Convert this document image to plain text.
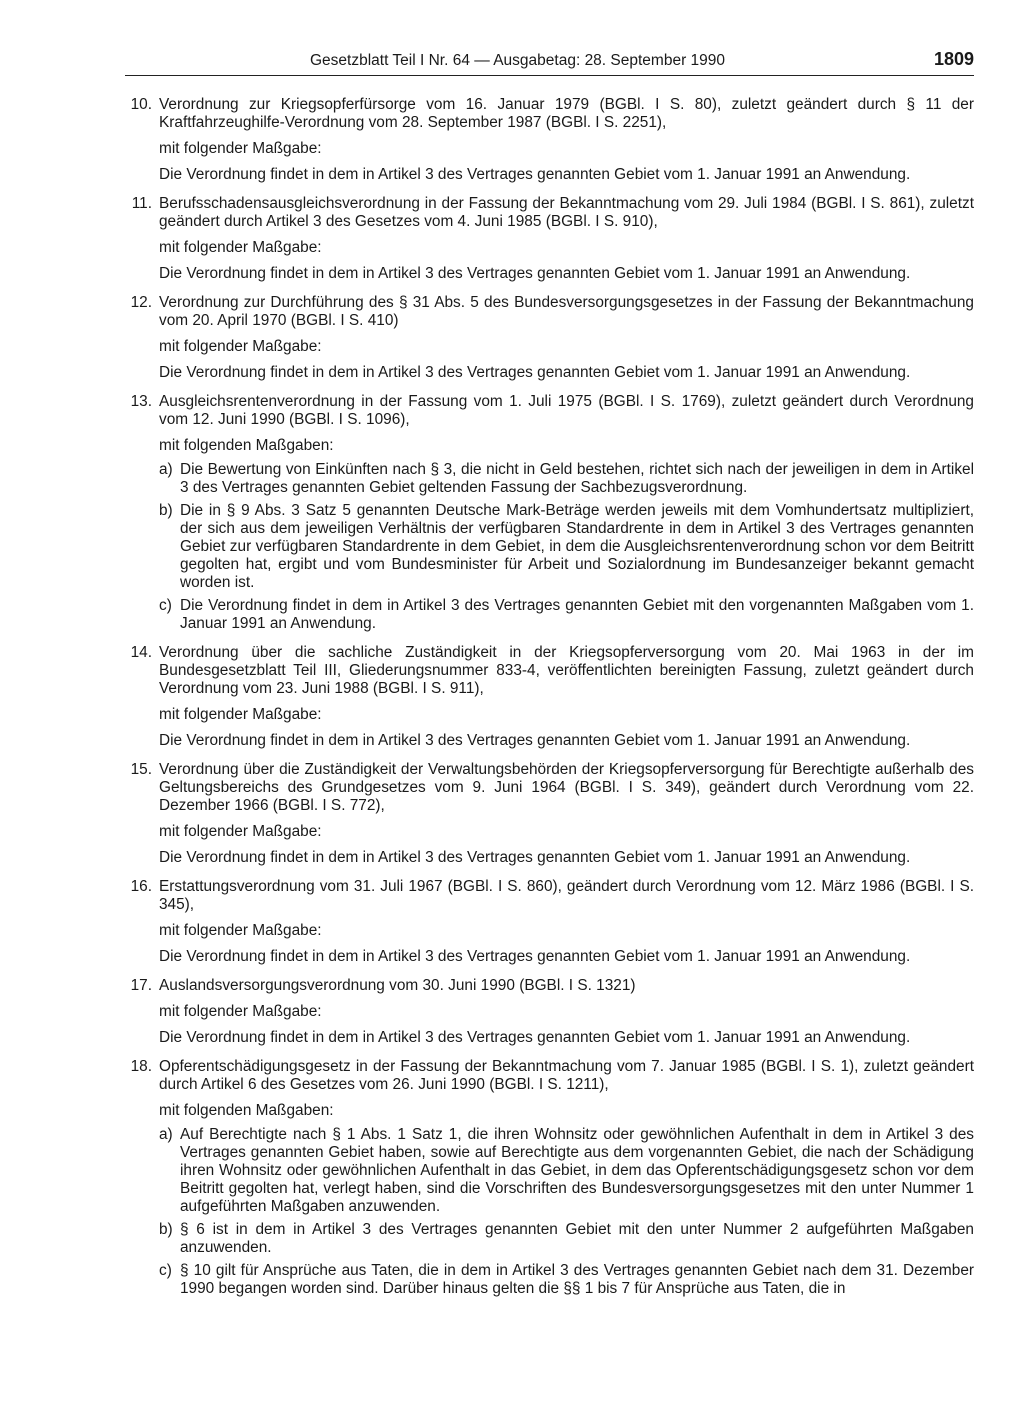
Gesetzblatt Teil I Nr. 64 — Ausgabetag: 28. September 1990	1809
10. Verordnung zur Kriegsopferfürsorge vom 16. Januar 1979 (BGBl. I S. 80), zuletzt geändert durch § 11 der Kraftfahrzeughilfe-Verordnung vom 28. September 1987 (BGBl. I S. 2251),
mit folgender Maßgabe:
Die Verordnung findet in dem in Artikel 3 des Vertrages genannten Gebiet vom 1. Januar 1991 an Anwendung.
11. Berufsschadensausgleichsverordnung in der Fassung der Bekanntmachung vom 29. Juli 1984 (BGBl. I S. 861), zuletzt geändert durch Artikel 3 des Gesetzes vom 4. Juni 1985 (BGBl. I S. 910),
mit folgender Maßgabe:
Die Verordnung findet in dem in Artikel 3 des Vertrages genannten Gebiet vom 1. Januar 1991 an Anwendung.
12. Verordnung zur Durchführung des § 31 Abs. 5 des Bundesversorgungsgesetzes in der Fassung der Bekanntmachung vom 20. April 1970 (BGBl. I S. 410)
mit folgender Maßgabe:
Die Verordnung findet in dem in Artikel 3 des Vertrages genannten Gebiet vom 1. Januar 1991 an Anwendung.
13. Ausgleichsrentenverordnung in der Fassung vom 1. Juli 1975 (BGBl. I S. 1769), zuletzt geändert durch Verordnung vom 12. Juni 1990 (BGBl. I S. 1096),
mit folgenden Maßgaben:
a) Die Bewertung von Einkünften nach § 3, die nicht in Geld bestehen, richtet sich nach der jeweiligen in dem in Artikel 3 des Vertrages genannten Gebiet geltenden Fassung der Sachbezugsverordnung.
b) Die in § 9 Abs. 3 Satz 5 genannten Deutsche Mark-Beträge werden jeweils mit dem Vomhundertsatz multipliziert, der sich aus dem jeweiligen Verhältnis der verfügbaren Standardrente in dem in Artikel 3 des Vertrages genannten Gebiet zur verfügbaren Standardrente in dem Gebiet, in dem die Ausgleichsrentenverordnung schon vor dem Beitritt gegolten hat, ergibt und vom Bundesminister für Arbeit und Sozialordnung im Bundesanzeiger bekannt gemacht worden ist.
c) Die Verordnung findet in dem in Artikel 3 des Vertrages genannten Gebiet mit den vorgenannten Maßgaben vom 1. Januar 1991 an Anwendung.
14. Verordnung über die sachliche Zuständigkeit in der Kriegsopferversorgung vom 20. Mai 1963 in der im Bundesgesetzblatt Teil III, Gliederungsnummer 833-4, veröffentlichten bereinigten Fassung, zuletzt geändert durch Verordnung vom 23. Juni 1988 (BGBl. I S. 911),
mit folgender Maßgabe:
Die Verordnung findet in dem in Artikel 3 des Vertrages genannten Gebiet vom 1. Januar 1991 an Anwendung.
15. Verordnung über die Zuständigkeit der Verwaltungsbehörden der Kriegsopferversorgung für Berechtigte außerhalb des Geltungsbereichs des Grundgesetzes vom 9. Juni 1964 (BGBl. I S. 349), geändert durch Verordnung vom 22. Dezember 1966 (BGBl. I S. 772),
mit folgender Maßgabe:
Die Verordnung findet in dem in Artikel 3 des Vertrages genannten Gebiet vom 1. Januar 1991 an Anwendung.
16. Erstattungsverordnung vom 31. Juli 1967 (BGBl. I S. 860), geändert durch Verordnung vom 12. März 1986 (BGBl. I S. 345),
mit folgender Maßgabe:
Die Verordnung findet in dem in Artikel 3 des Vertrages genannten Gebiet vom 1. Januar 1991 an Anwendung.
17. Auslandsversorgungsverordnung vom 30. Juni 1990 (BGBl. I S. 1321)
mit folgender Maßgabe:
Die Verordnung findet in dem in Artikel 3 des Vertrages genannten Gebiet vom 1. Januar 1991 an Anwendung.
18. Opferentschädigungsgesetz in der Fassung der Bekanntmachung vom 7. Januar 1985 (BGBl. I S. 1), zuletzt geändert durch Artikel 6 des Gesetzes vom 26. Juni 1990 (BGBl. I S. 1211),
mit folgenden Maßgaben:
a) Auf Berechtigte nach § 1 Abs. 1 Satz 1, die ihren Wohnsitz oder gewöhnlichen Aufenthalt in dem in Artikel 3 des Vertrages genannten Gebiet haben, sowie auf Berechtigte aus dem vorgenannten Gebiet, die nach der Schädigung ihren Wohnsitz oder gewöhnlichen Aufenthalt in das Gebiet, in dem das Opferentschädigungsgesetz schon vor dem Beitritt gegolten hat, verlegt haben, sind die Vorschriften des Bundesversorgungsgesetzes mit den unter Nummer 1 aufgeführten Maßgaben anzuwenden.
b) § 6 ist in dem in Artikel 3 des Vertrages genannten Gebiet mit den unter Nummer 2 aufgeführten Maßgaben anzuwenden.
c) § 10 gilt für Ansprüche aus Taten, die in dem in Artikel 3 des Vertrages genannten Gebiet nach dem 31. Dezember 1990 begangen worden sind. Darüber hinaus gelten die §§ 1 bis 7 für Ansprüche aus Taten, die in
